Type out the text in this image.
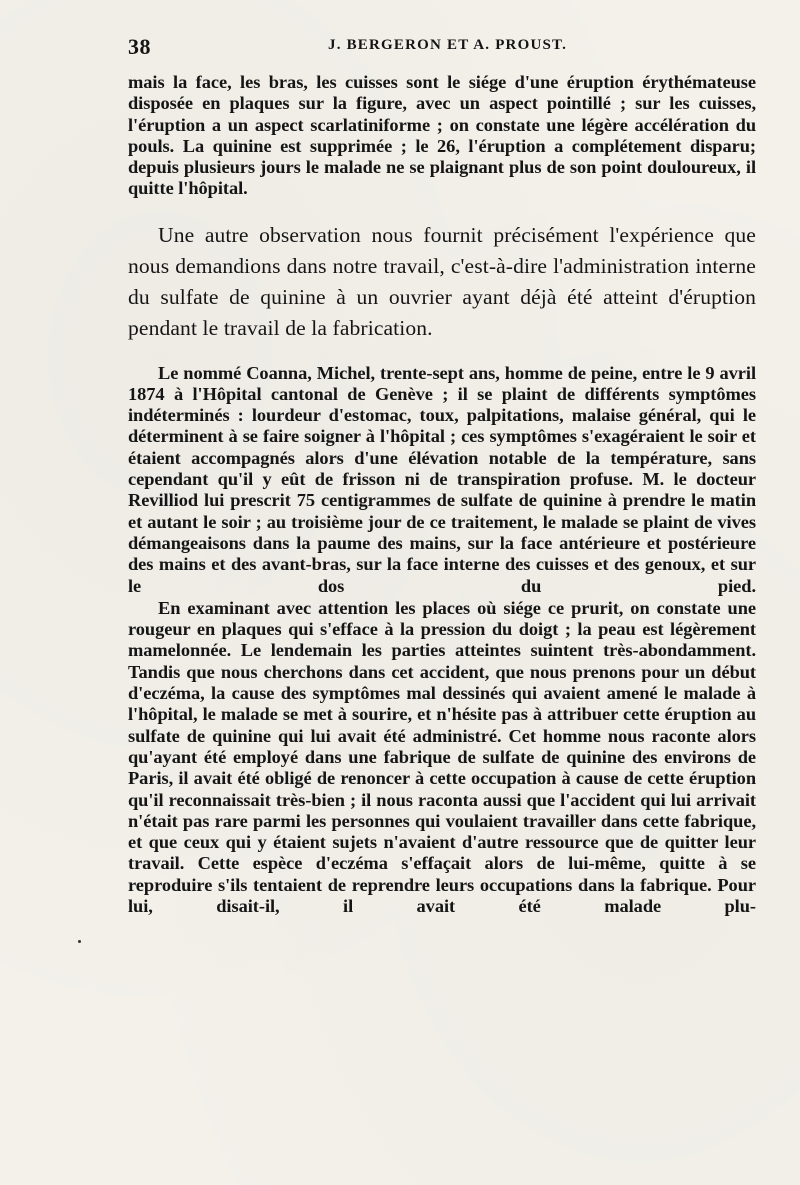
38	J. BERGERON ET A. PROUST.

mais la face, les bras, les cuisses sont le siége d'une éruption érythémateuse disposée en plaques sur la figure, avec un aspect pointillé ; sur les cuisses, l'éruption a un aspect scarlatiniforme ; on constate une légère accélération du pouls. La quinine est supprimée ; le 26, l'éruption a complétement disparu; depuis plusieurs jours le malade ne se plaignant plus de son point douloureux, il quitte l'hôpital.

Une autre observation nous fournit précisément l'expérience que nous demandions dans notre travail, c'est-à-dire l'administration interne du sulfate de quinine à un ouvrier ayant déjà été atteint d'éruption pendant le travail de la fabrication.

Le nommé Coanna, Michel, trente-sept ans, homme de peine, entre le 9 avril 1874 à l'Hôpital cantonal de Genève ; il se plaint de différents symptômes indéterminés : lourdeur d'estomac, toux, palpitations, malaise général, qui le déterminent à se faire soigner à l'hôpital ; ces symptômes s'exagéraient le soir et étaient accompagnés alors d'une élévation notable de la température, sans cependant qu'il y eût de frisson ni de transpiration profuse. M. le docteur Revilliod lui prescrit 75 centigrammes de sulfate de quinine à prendre le matin et autant le soir ; au troisième jour de ce traitement, le malade se plaint de vives démangeaisons dans la paume des mains, sur la face antérieure et postérieure des mains et des avant-bras, sur la face interne des cuisses et des genoux, et sur le dos du pied.

En examinant avec attention les places où siége ce prurit, on constate une rougeur en plaques qui s'efface à la pression du doigt ; la peau est légèrement mamelonnée. Le lendemain les parties atteintes suintent très-abondamment. Tandis que nous cherchons dans cet accident, que nous prenons pour un début d'eczéma, la cause des symptômes mal dessinés qui avaient amené le malade à l'hôpital, le malade se met à sourire, et n'hésite pas à attribuer cette éruption au sulfate de quinine qui lui avait été administré. Cet homme nous raconte alors qu'ayant été employé dans une fabrique de sulfate de quinine des environs de Paris, il avait été obligé de renoncer à cette occupation à cause de cette éruption qu'il reconnaissait très-bien ; il nous raconta aussi que l'accident qui lui arrivait n'était pas rare parmi les personnes qui voulaient travailler dans cette fabrique, et que ceux qui y étaient sujets n'avaient d'autre ressource que de quitter leur travail. Cette espèce d'eczéma s'effaçait alors de lui-même, quitte à se reproduire s'ils tentaient de reprendre leurs occupations dans la fabrique. Pour lui, disait-il, il avait été malade plu-
